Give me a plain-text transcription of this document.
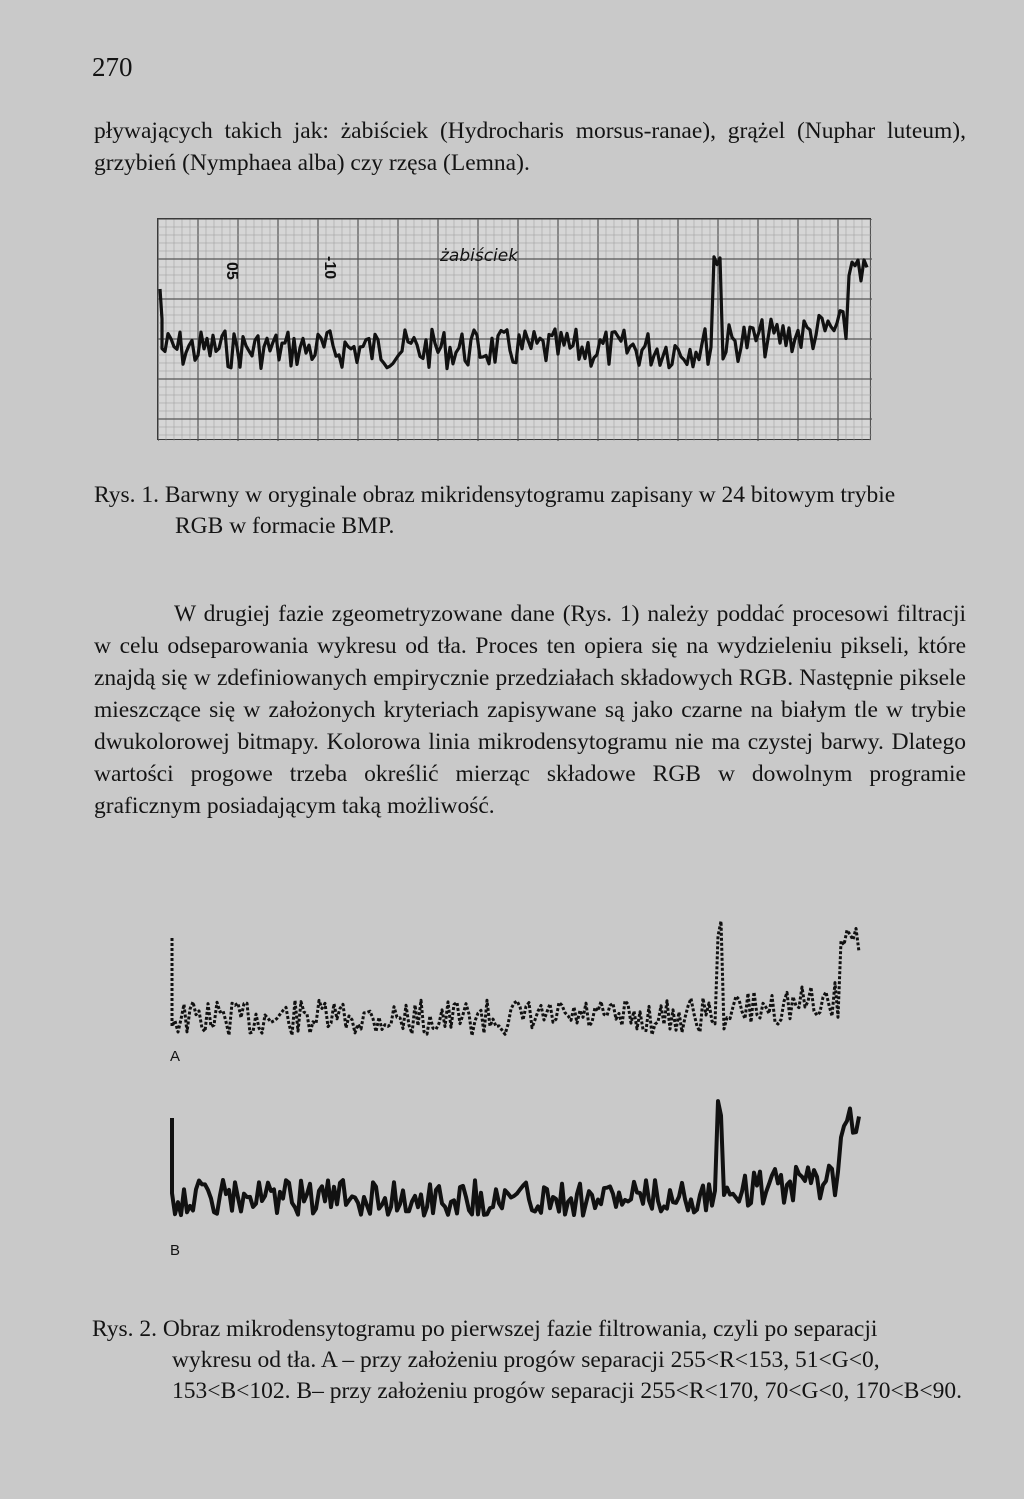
270

pływających takich jak: żabiściek (Hydrocharis morsus-ranae), grążel (Nuphar luteum), grzybień (Nymphaea alba) czy rzęsa (Lemna).

05	-10	żabiściek
Rys. 1. Barwny w oryginale obraz mikridensytogramu zapisany w 24 bitowym trybie
RGB w formacie BMP.

W drugiej fazie zgeometryzowane dane (Rys. 1) należy poddać procesowi filtracji w celu odseparowania wykresu od tła. Proces ten opiera się na wydzieleniu pikseli, które znajdą się w zdefiniowanych empirycznie przedziałach składowych RGB. Następnie piksele mieszczące się w założonych kryteriach zapisywane są jako czarne na białym tle w trybie dwukolorowej bitmapy. Kolorowa linia mikrodensytogramu nie ma czystej barwy. Dlatego wartości progowe trzeba określić mierząc składowe RGB w dowolnym programie graficznym posiadającym taką możliwość.

A
B
Rys. 2. Obraz mikrodensytogramu po pierwszej fazie filtrowania, czyli po separacji
wykresu od tła. A – przy założeniu progów separacji 255<R<153, 51<G<0, 153<B<102. B– przy założeniu progów separacji 255<R<170, 70<G<0, 170<B<90.
